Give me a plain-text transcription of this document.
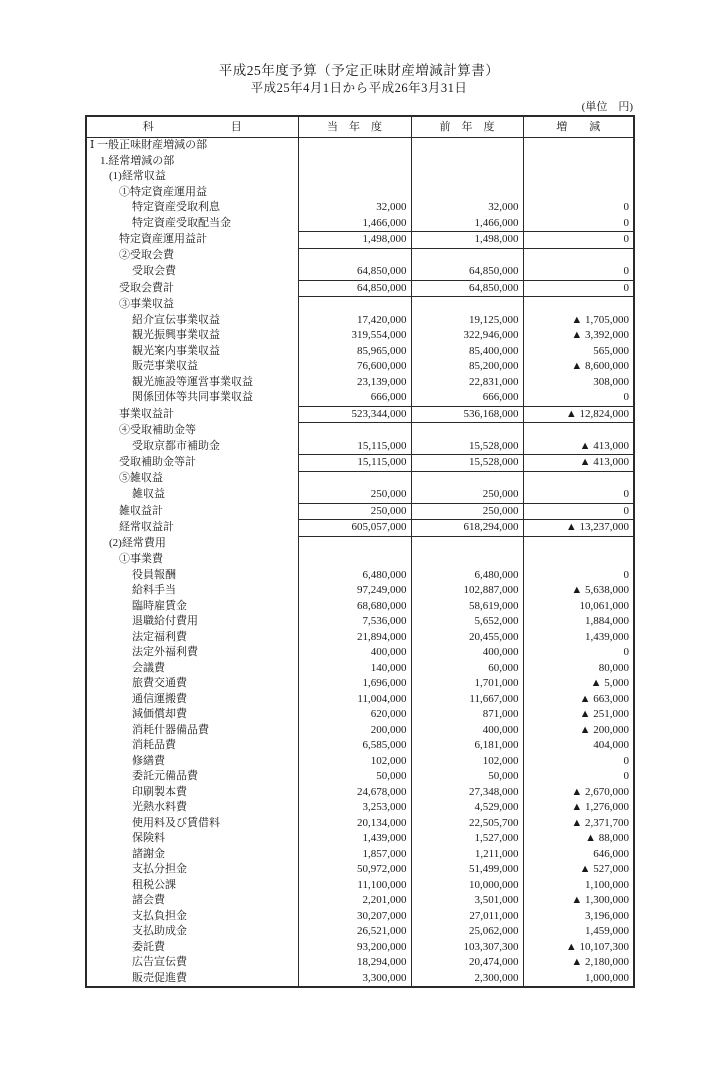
平成25年度予算（予定正味財産増減計算書）
平成25年4月1日から平成26年3月31日
(単位　円)
科　　　　　　　目	当　年　度	前　年　度	増　　減
Ⅰ 一般正味財産増減の部			
1.経常増減の部			
(1)経常収益			
①特定資産運用益			
特定資産受取利息	32,000	32,000	0
特定資産受取配当金	1,466,000	1,466,000	0
特定資産運用益計	1,498,000	1,498,000	0
②受取会費			
受取会費	64,850,000	64,850,000	0
受取会費計	64,850,000	64,850,000	0
③事業収益			
紹介宣伝事業収益	17,420,000	19,125,000	▲ 1,705,000
観光振興事業収益	319,554,000	322,946,000	▲ 3,392,000
観光案内事業収益	85,965,000	85,400,000	565,000
販売事業収益	76,600,000	85,200,000	▲ 8,600,000
観光施設等運営事業収益	23,139,000	22,831,000	308,000
関係団体等共同事業収益	666,000	666,000	0
事業収益計	523,344,000	536,168,000	▲ 12,824,000
④受取補助金等			
受取京都市補助金	15,115,000	15,528,000	▲ 413,000
受取補助金等計	15,115,000	15,528,000	▲ 413,000
⑤雑収益			
雑収益	250,000	250,000	0
雑収益計	250,000	250,000	0
経常収益計	605,057,000	618,294,000	▲ 13,237,000
(2)経常費用			
①事業費			
役員報酬	6,480,000	6,480,000	0
給料手当	97,249,000	102,887,000	▲ 5,638,000
臨時雇賃金	68,680,000	58,619,000	10,061,000
退職給付費用	7,536,000	5,652,000	1,884,000
法定福利費	21,894,000	20,455,000	1,439,000
法定外福利費	400,000	400,000	0
会議費	140,000	60,000	80,000
旅費交通費	1,696,000	1,701,000	▲ 5,000
通信運搬費	11,004,000	11,667,000	▲ 663,000
減価償却費	620,000	871,000	▲ 251,000
消耗什器備品費	200,000	400,000	▲ 200,000
消耗品費	6,585,000	6,181,000	404,000
修繕費	102,000	102,000	0
委託元備品費	50,000	50,000	0
印刷製本費	24,678,000	27,348,000	▲ 2,670,000
光熱水料費	3,253,000	4,529,000	▲ 1,276,000
使用料及び賃借料	20,134,000	22,505,700	▲ 2,371,700
保険料	1,439,000	1,527,000	▲ 88,000
諸謝金	1,857,000	1,211,000	646,000
支払分担金	50,972,000	51,499,000	▲ 527,000
租税公課	11,100,000	10,000,000	1,100,000
諸会費	2,201,000	3,501,000	▲ 1,300,000
支払負担金	30,207,000	27,011,000	3,196,000
支払助成金	26,521,000	25,062,000	1,459,000
委託費	93,200,000	103,307,300	▲ 10,107,300
広告宣伝費	18,294,000	20,474,000	▲ 2,180,000
販売促進費	3,300,000	2,300,000	1,000,000
